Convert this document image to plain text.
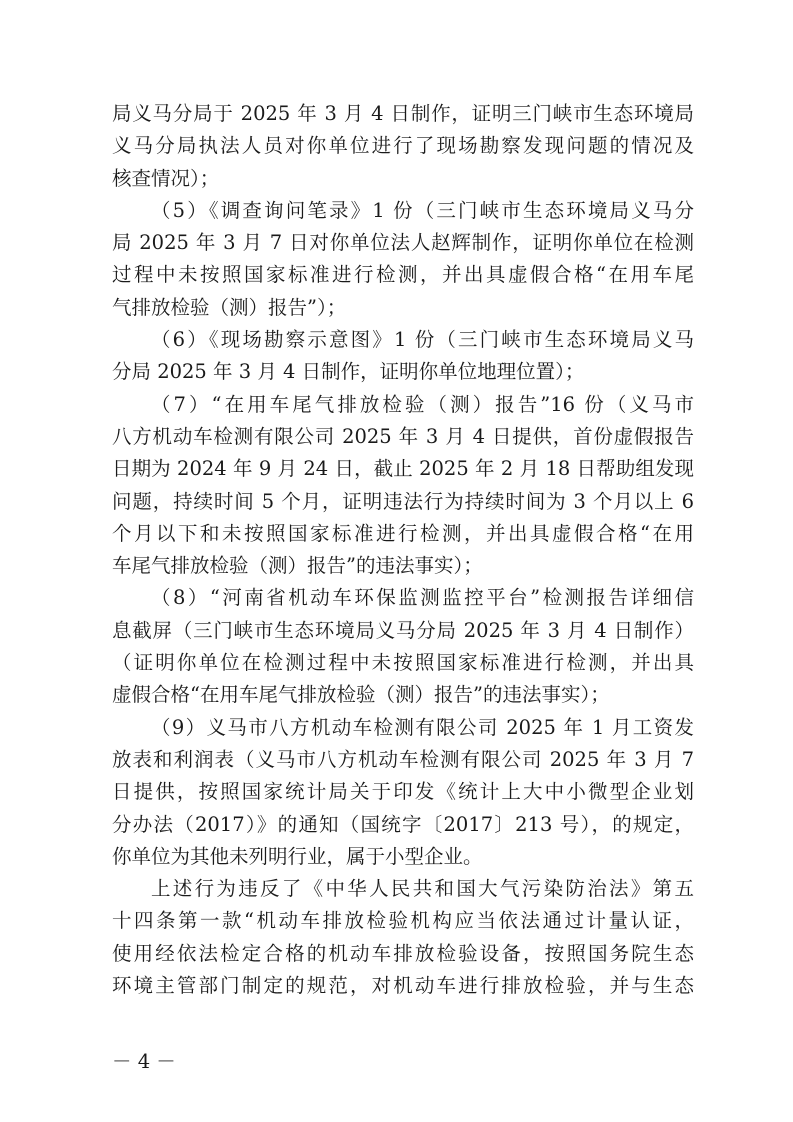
局义马分局于 2025 年 3 月 4 日制作，证明三门峡市生态环境局
义马分局执法人员对你单位进行了现场勘察发现问题的情况及
核查情况）；
（5）《调查询问笔录》1 份（三门峡市生态环境局义马分
局 2025 年 3 月 7 日对你单位法人赵辉制作，证明你单位在检测
过程中未按照国家标准进行检测，并出具虚假合格“在用车尾
气排放检验（测）报告”）；
（6）《现场勘察示意图》1 份（三门峡市生态环境局义马
分局 2025 年 3 月 4 日制作，证明你单位地理位置）；
（7）“在用车尾气排放检验（测）报告”16 份（义马市
八方机动车检测有限公司 2025 年 3 月 4 日提供，首份虚假报告
日期为 2024 年 9 月 24 日，截止 2025 年 2 月 18 日帮助组发现
问题，持续时间 5 个月，证明违法行为持续时间为 3 个月以上 6
个月以下和未按照国家标准进行检测，并出具虚假合格“在用
车尾气排放检验（测）报告”的违法事实）；
（8）“河南省机动车环保监测监控平台”检测报告详细信
息截屏（三门峡市生态环境局义马分局 2025 年 3 月 4 日制作）
（证明你单位在检测过程中未按照国家标准进行检测，并出具
虚假合格“在用车尾气排放检验（测）报告”的违法事实）；
（9）义马市八方机动车检测有限公司 2025 年 1 月工资发
放表和利润表（义马市八方机动车检测有限公司 2025 年 3 月 7
日提供，按照国家统计局关于印发《统计上大中小微型企业划
分办法（2017）》的通知（国统字〔2017〕213 号），的规定，
你单位为其他未列明行业，属于小型企业。
上述行为违反了《中华人民共和国大气污染防治法》第五
十四条第一款“机动车排放检验机构应当依法通过计量认证，
使用经依法检定合格的机动车排放检验设备，按照国务院生态
环境主管部门制定的规范，对机动车进行排放检验，并与生态
－ 4 －
